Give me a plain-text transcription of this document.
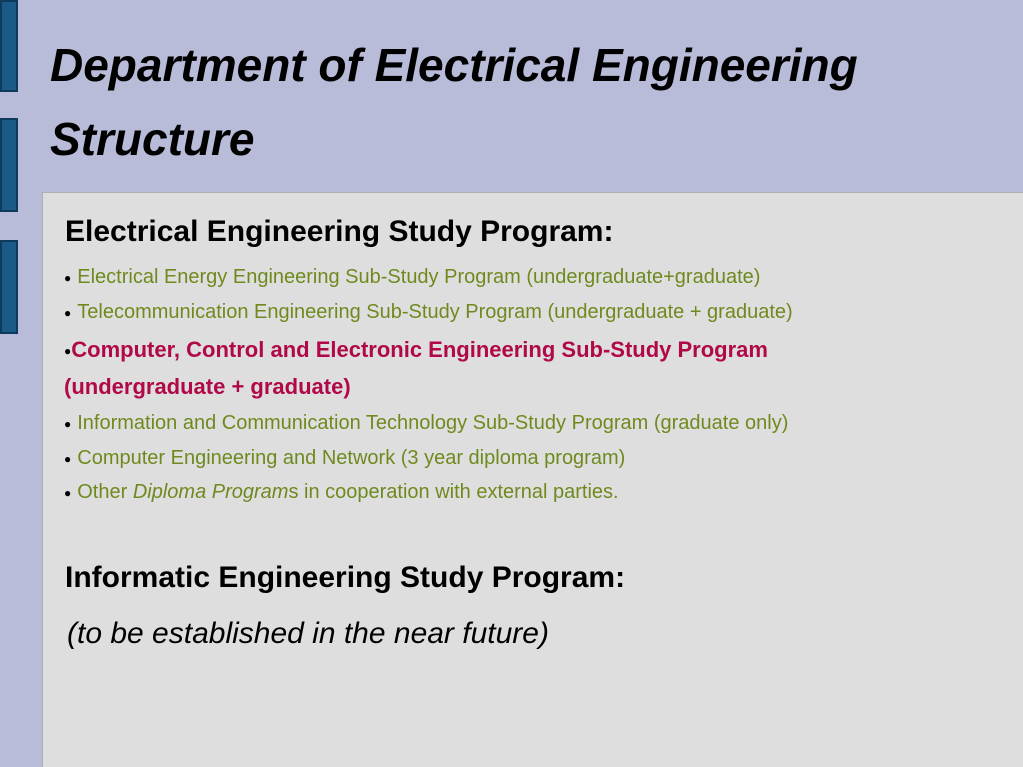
Department of Electrical Engineering
Structure
Electrical Engineering Study Program:
● Electrical Energy Engineering Sub-Study Program (undergraduate+graduate)
● Telecommunication Engineering Sub-Study Program (undergraduate + graduate)
●Computer, Control and Electronic Engineering Sub-Study Program
(undergraduate + graduate)
● Information and Communication Technology Sub-Study Program (graduate only)
● Computer Engineering and Network (3 year diploma program)
● Other Diploma Programs in cooperation with external parties.
Informatic Engineering Study Program:
(to be established in the near future)
